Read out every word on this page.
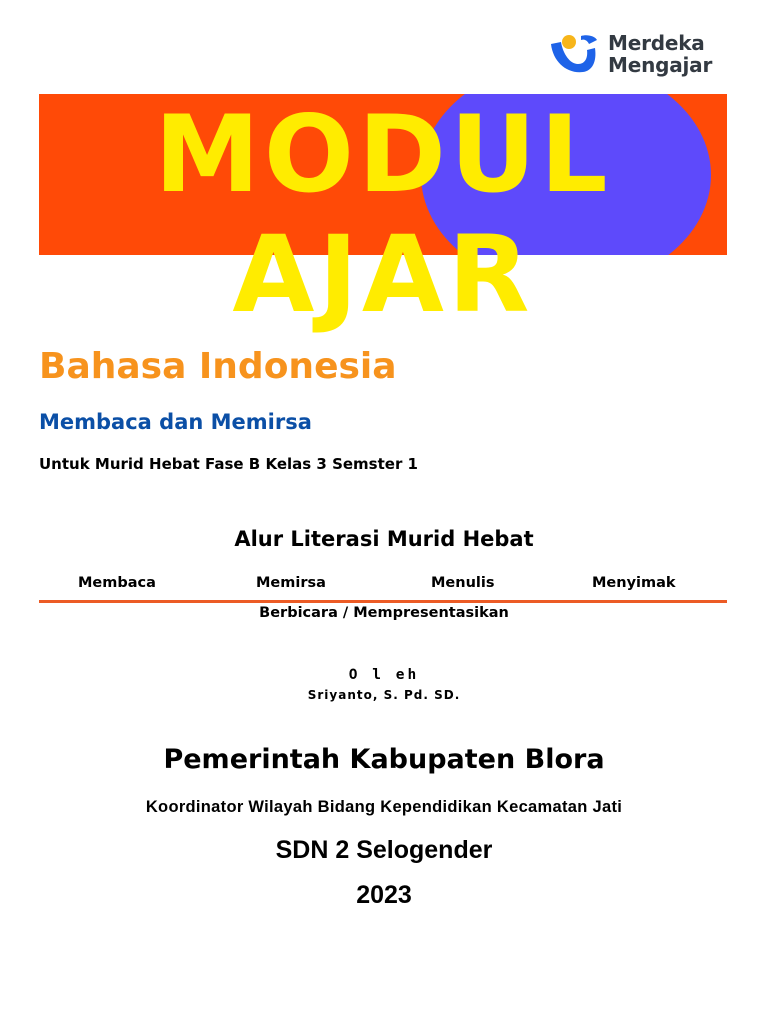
Merdeka
Mengajar
MODUL
AJAR
Bahasa Indonesia
Membaca dan Memirsa
Untuk Murid Hebat Fase B Kelas 3 Semster 1
Alur Literasi Murid Hebat
Membaca	Memirsa	Menulis	Menyimak
Berbicara / Mempresentasikan
O l eh
Sriyanto, S. Pd. SD.
Pemerintah Kabupaten Blora
Koordinator Wilayah Bidang Kependidikan Kecamatan Jati
SDN 2 Selogender
2023
